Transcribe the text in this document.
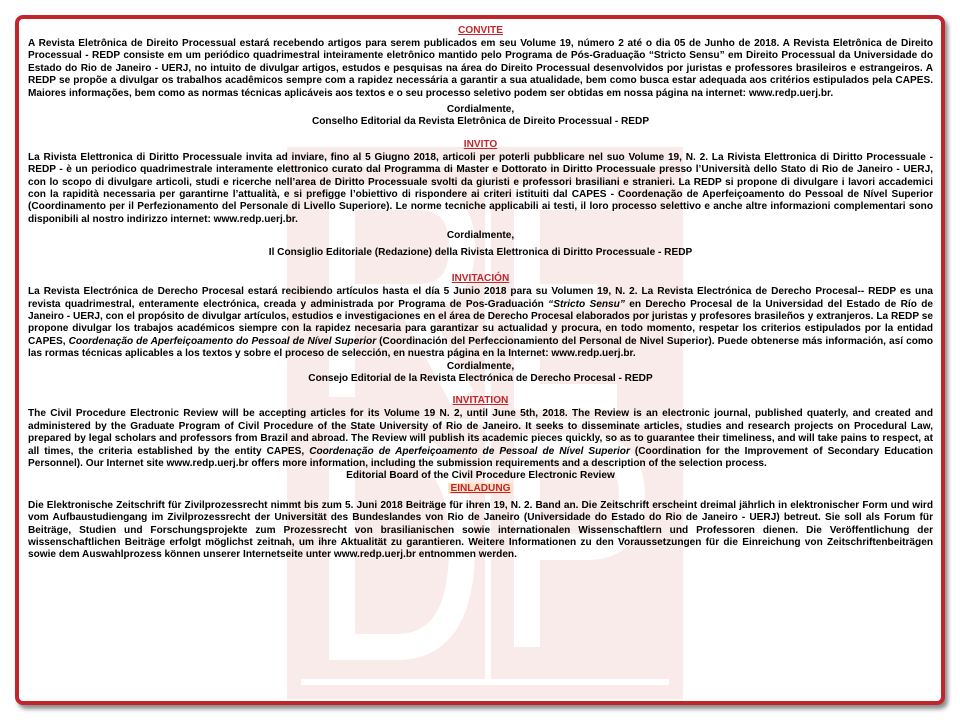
CONVITE

A Revista Eletrônica de Direito Processual estará recebendo artigos para serem publicados em seu Volume 19, número 2 até o dia 05 de Junho de 2018. A Revista Eletrônica de Direito Processual - REDP consiste em um periódico quadrimestral inteiramente eletrônico mantido pelo Programa de Pós-Graduação “Stricto Sensu” em Direito Processual da Universidade do Estado do Rio de Janeiro - UERJ, no intuito de divulgar artigos, estudos e pesquisas na área do Direito Processual desenvolvidos por juristas e professores brasileiros e estrangeiros. A REDP se propõe a divulgar os trabalhos acadêmicos sempre com a rapidez necessária a garantir a sua atualidade, bem como busca estar adequada aos critérios estipulados pela CAPES. Maiores informações, bem como as normas técnicas aplicáveis aos textos e o seu processo seletivo podem ser obtidas em nossa página na internet: www.redp.uerj.br.

Cordialmente,

Conselho Editorial da Revista Eletrônica de Direito Processual - REDP

INVITO

La Rivista Elettronica di Diritto Processuale invita ad inviare, fino al 5 Giugno 2018, articoli per poterli pubblicare nel suo Volume 19, N. 2. La Rivista Elettronica di Diritto Processuale - REDP - è un periodico quadrimestrale interamente elettronico curato dal Programma di Master e Dottorato in Diritto Processuale presso l’Università dello Stato di Rio de Janeiro - UERJ, con lo scopo di divulgare articoli, studi e ricerche nell’area de Diritto Processuale svolti da giuristi e professori brasiliani e stranieri. La REDP si propone di divulgare i lavori accademici con la rapidità necessaria per garantirne l’attualità, e si prefigge l’obiettivo di rispondere ai criteri istituiti dal CAPES - Coordenação de Aperfeiçoamento do Pessoal de Nível Superior (Coordinamento per il Perfezionamento del Personale di Livello Superiore). Le norme tecniche applicabili ai testi, il loro processo selettivo e anche altre informazioni complementari sono disponibili al nostro indirizzo internet: www.redp.uerj.br.

Cordialmente,

Il Consiglio Editoriale (Redazione) della Rivista Elettronica di Diritto Processuale - REDP

INVITACIÓN

La Revista Electrónica de Derecho Procesal estará recibiendo artículos hasta el día 5 Junio 2018 para su Volumen 19, N. 2. La Revista Electrónica de Derecho Procesal-- REDP es una revista quadrimestral, enteramente electrónica, creada y administrada por Programa de Pos-Graduación “Stricto Sensu” en Derecho Procesal de la Universidad del Estado de Río de Janeiro - UERJ, con el propósito de divulgar artículos, estudios e investigaciones en el área de Derecho Procesal elaborados por juristas y profesores brasileños y extranjeros. La REDP se propone divulgar los trabajos académicos siempre con la rapidez necesaria para garantizar su actualidad y procura, en todo momento, respetar los criterios estipulados por la entidad CAPES, Coordenação de Aperfeiçoamento do Pessoal de Nível Superior (Coordinación del Perfeccionamiento del Personal de Nivel Superior). Puede obtenerse más información, así como las rormas técnicas aplicables a los textos y sobre el proceso de selección, en nuestra página en la Internet: www.redp.uerj.br.

Cordialmente,

Consejo Editorial de la Revista Electrónica de Derecho Procesal - REDP

INVITATION

The Civil Procedure Electronic Review will be accepting articles for its Volume 19 N. 2, until June 5th, 2018. The Review is an electronic journal, published quaterly, and created and administered by the Graduate Program of Civil Procedure of the State University of Rio de Janeiro. It seeks to disseminate articles, studies and research projects on Procedural Law, prepared by legal scholars and professors from Brazil and abroad. The Review will publish its academic pieces quickly, so as to guarantee their timeliness, and will take pains to respect, at all times, the criteria established by the entity CAPES, Coordenação de Aperfeiçoamento de Pessoal de Nível Superior (Coordination for the Improvement of Secondary Education Personnel). Our Internet site www.redp.uerj.br offers more information, including the submission requirements and a description of the selection process.

Editorial Board of the Civil Procedure Electronic Review

EINLADUNG

Die Elektronische Zeitschrift für Zivilprozessrecht nimmt bis zum 5. Juni 2018 Beiträge für ihren 19, N. 2. Band an. Die Zeitschrift erscheint dreimal jährlich in elektronischer Form und wird vom Aufbaustudiengang im Zivilprozessrecht der Universität des Bundeslandes von Rio de Janeiro (Universidade do Estado do Rio de Janeiro - UERJ) betreut. Sie soll als Forum für Beiträge, Studien und Forschungsprojekte zum Prozessrecht von brasilianischen sowie internationalen Wissenschaftlern und Professoren dienen. Die Veröffentlichung der wissenschaftlichen Beiträge erfolgt möglichst zeitnah, um ihre Aktualität zu garantieren. Weitere Informationen zu den Voraussetzungen für die Einreichung von Zeitschriftenbeiträgen sowie dem Auswahlprozess können unserer Internetseite unter www.redp.uerj.br entnommen werden.
